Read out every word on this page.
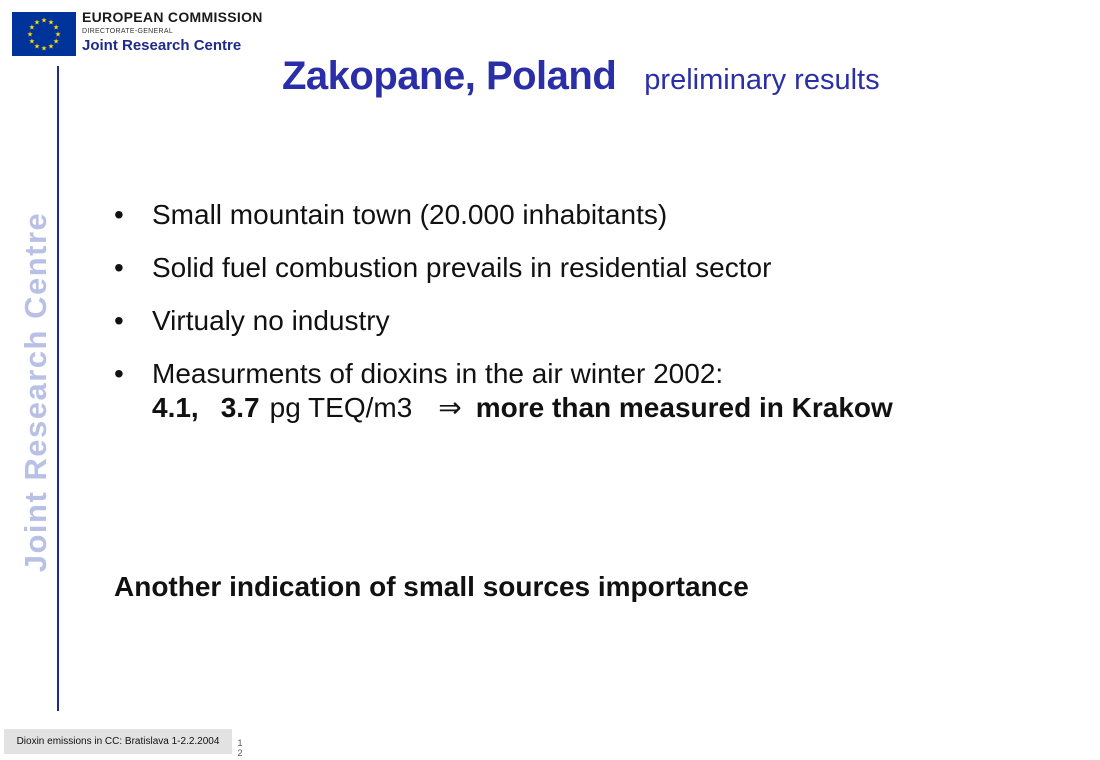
★
★
★
★
★
★
★
★
★ ★ ★
★
EUROPEAN COMMISSION
DIRECTORATE-GENERAL
Joint Research Centre
Joint Research Centre
Zakopane, Poland preliminary results
• Small mountain town (20.000 inhabitants)
• Solid fuel combustion prevails in residential sector
• Virtualy no industry
• Measurments of dioxins in the air winter 2002:
4.1, 3.7 pg TEQ/m3 ⇒ more than measured in Krakow
Another indication of small sources importance
Dioxin emissions in CC: Bratislava 1-2.2.2004 1 2
